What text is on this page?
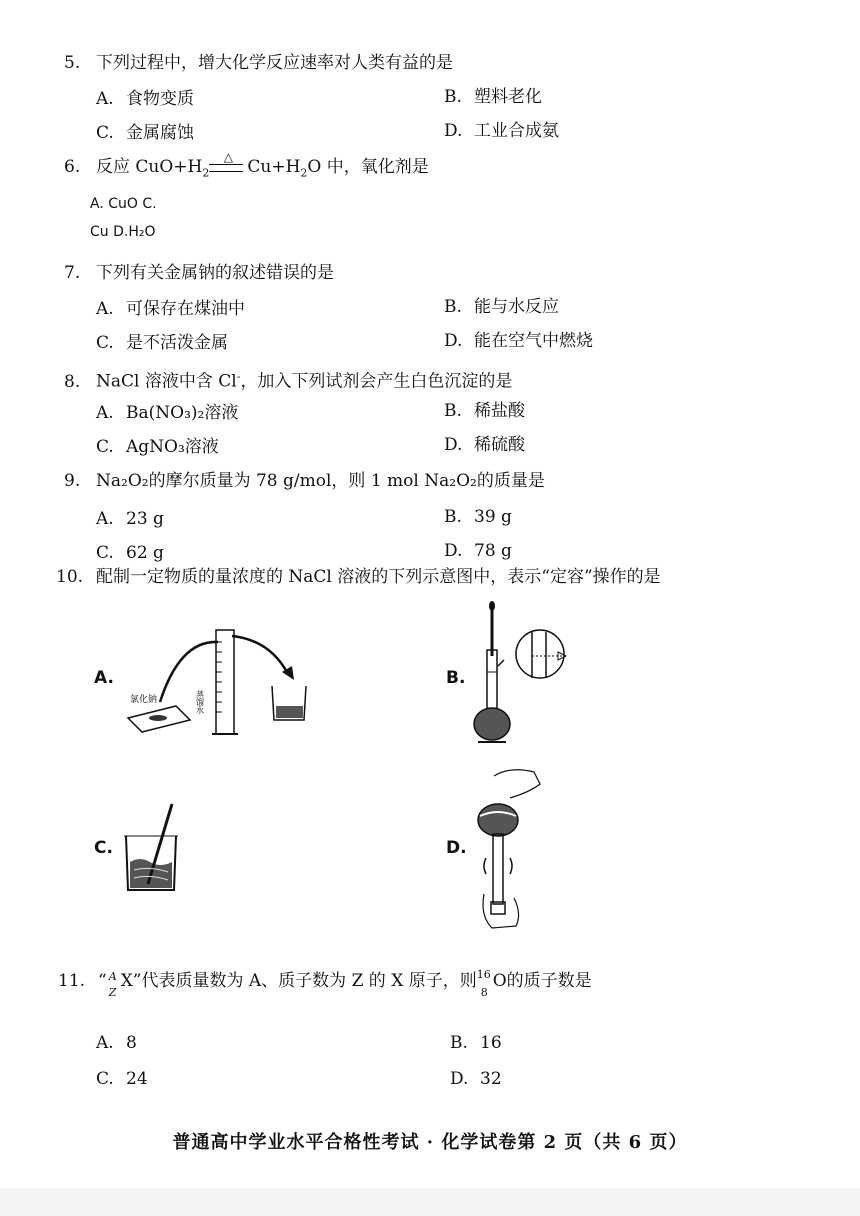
5. 下列过程中，增大化学反应速率对人类有益的是
A. 食物变质	B. 塑料老化
C. 金属腐蚀	D. 工业合成氨
6. 反应 $CuO+H_2$
△ $Cu+H_2O$ 中，氧化剂是
A. CuO C.
Cu D.H₂O
7. 下列有关金属钠的叙述错误的是
A. 可保存在煤油中	B. 能与水反应
C. 是不活泼金属	D. 能在空气中燃烧
8. NaCl 溶液中含 Cl-，加入下列试剂会产生白色沉淀的是
A. Ba(NO₃)₂溶液	B. 稀盐酸
C. AgNO₃溶液	D. 稀硫酸
9. Na₂O₂的摩尔质量为 78 g/mol，则 1 mol Na₂O₂的质量是
A. 23 g	B. 39 g
C. 62 g	D. 78 g
10. 配制一定物质的量浓度的 NaCl 溶液的下列示意图中，表示“定容”操作的是
A.
氯化钠	蒸馏水
B.
C.	D.
11. “ A
Z
X”代表质量数为 A、质子数为 Z 的 X 原子，则 16
8
O的质子数是
A. 8	B. 16
C. 24	D. 32
普通高中学业水平合格性考试 · 化学试卷第 2 页（共 6 页）
